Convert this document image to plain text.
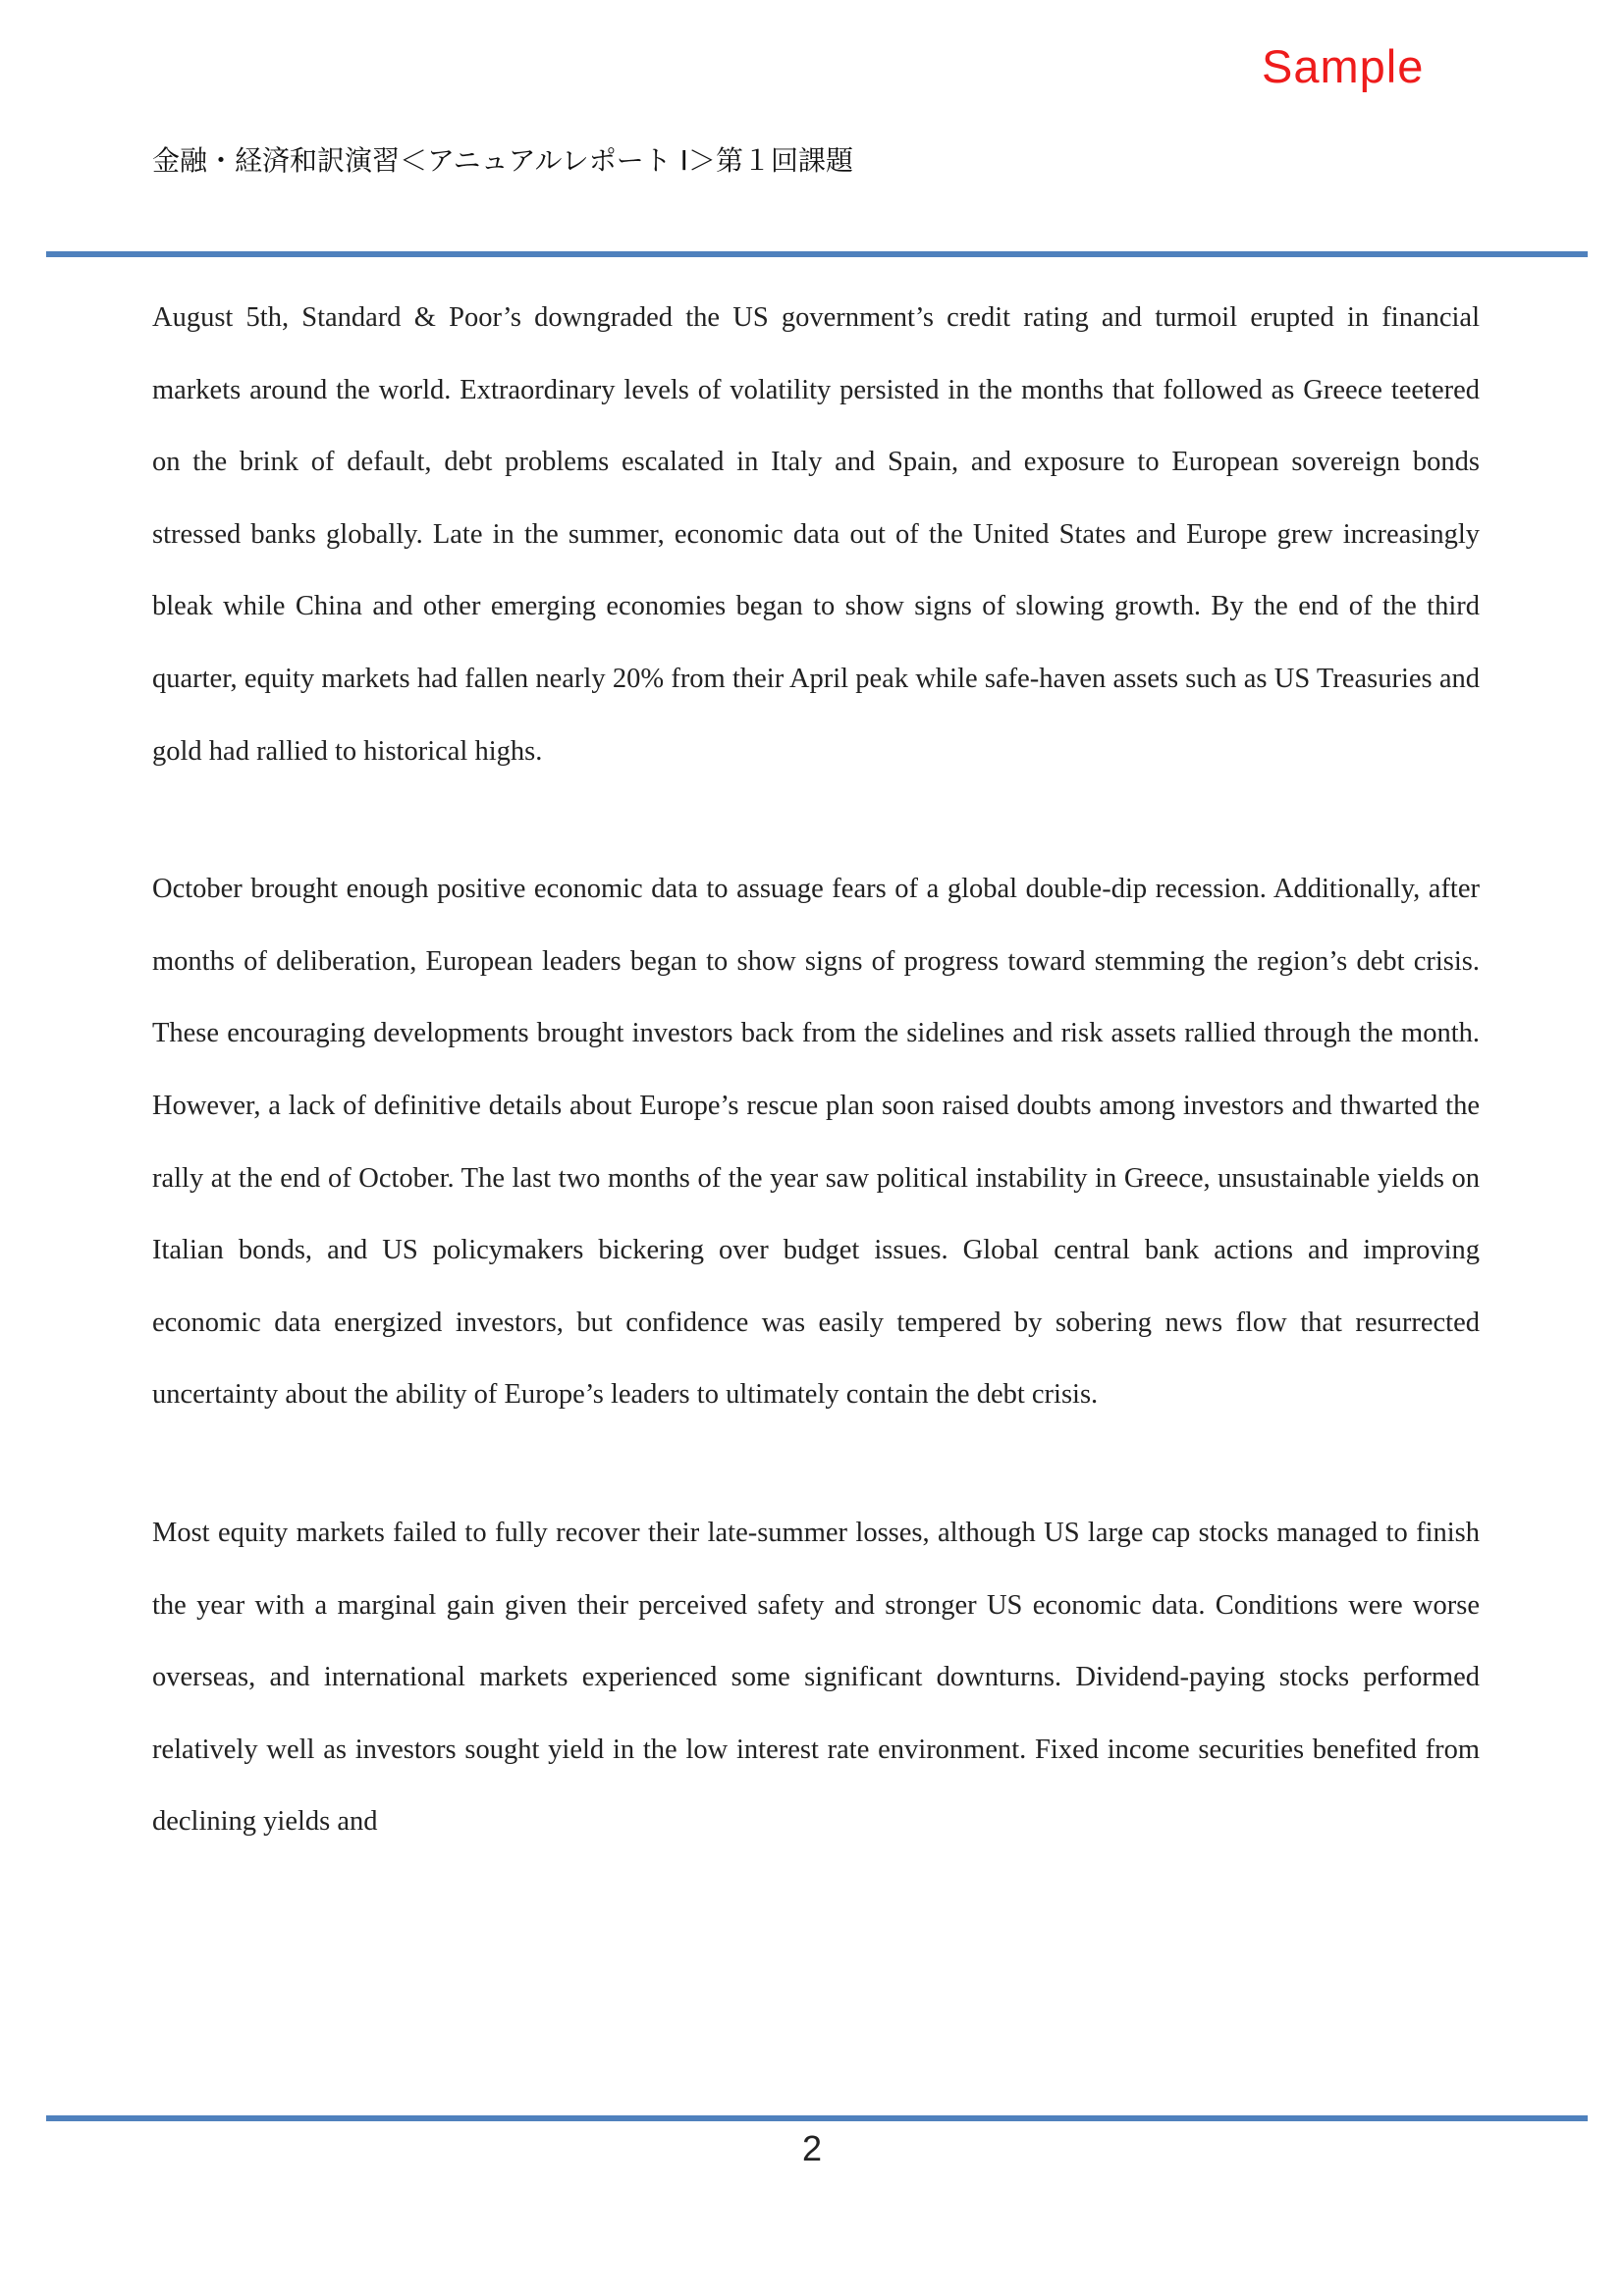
Sample
金融・経済和訳演習＜アニュアルレポート I＞第１回課題

August 5th, Standard & Poor’s downgraded the US government’s credit rating and turmoil erupted in financial markets around the world. Extraordinary levels of volatility persisted in the months that followed as Greece teetered on the brink of default, debt problems escalated in Italy and Spain, and exposure to European sovereign bonds stressed banks globally. Late in the summer, economic data out of the United States and Europe grew increasingly bleak while China and other emerging economies began to show signs of slowing growth. By the end of the third quarter, equity markets had fallen nearly 20% from their April peak while safe-haven assets such as US Treasuries and gold had rallied to historical highs.

October brought enough positive economic data to assuage fears of a global double-dip recession. Additionally, after months of deliberation, European leaders began to show signs of progress toward stemming the region’s debt crisis. These encouraging developments brought investors back from the sidelines and risk assets rallied through the month. However, a lack of definitive details about Europe’s rescue plan soon raised doubts among investors and thwarted the rally at the end of October. The last two months of the year saw political instability in Greece, unsustainable yields on Italian bonds, and US policymakers bickering over budget issues. Global central bank actions and improving economic data energized investors, but confidence was easily tempered by sobering news flow that resurrected uncertainty about the ability of Europe’s leaders to ultimately contain the debt crisis.

Most equity markets failed to fully recover their late-summer losses, although US large cap stocks managed to finish the year with a marginal gain given their perceived safety and stronger US economic data. Conditions were worse overseas, and international markets experienced some significant downturns. Dividend-paying stocks performed relatively well as investors sought yield in the low interest rate environment. Fixed income securities benefited from declining yields and

2
